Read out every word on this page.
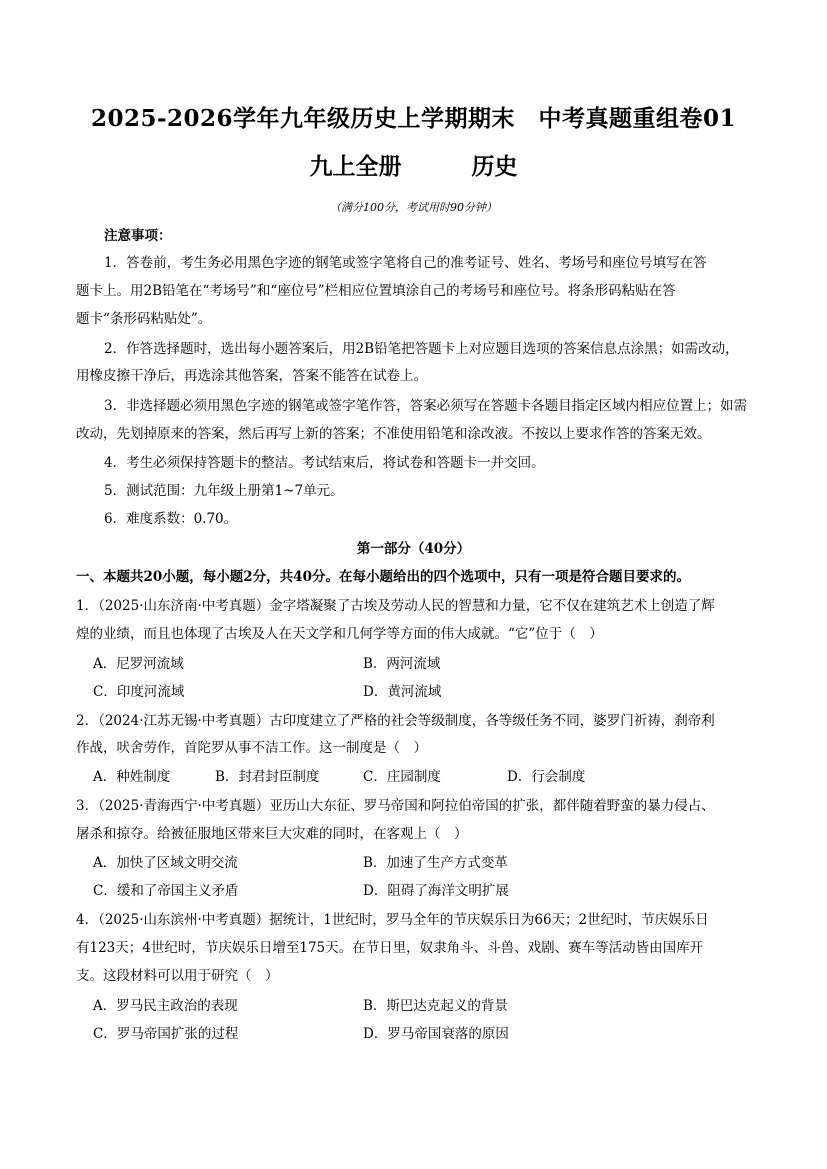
2025-2026学年九年级历史上学期期末　中考真题重组卷01
九上全册	历史
（满分100分，考试用时90分钟）
注意事项：
1．答卷前，考生务必用黑色字迹的钢笔或签字笔将自己的准考证号、姓名、考场号和座位号填写在答
题卡上。用2B铅笔在“考场号”和“座位号”栏相应位置填涂自己的考场号和座位号。将条形码粘贴在答
题卡“条形码粘贴处”。
2．作答选择题时，选出每小题答案后，用2B铅笔把答题卡上对应题目选项的答案信息点涂黑；如需改动，
用橡皮擦干净后，再选涂其他答案，答案不能答在试卷上。
3．非选择题必须用黑色字迹的钢笔或签字笔作答，答案必须写在答题卡各题目指定区域内相应位置上；如需
改动，先划掉原来的答案，然后再写上新的答案；不准使用铅笔和涂改液。不按以上要求作答的答案无效。
4．考生必须保持答题卡的整洁。考试结束后，将试卷和答题卡一并交回。
5．测试范围：九年级上册第1~7单元。
6．难度系数：0.70。
第一部分（40分）
一、本题共20小题，每小题2分，共40分。在每小题给出的四个选项中，只有一项是符合题目要求的。
1．（2025·山东济南·中考真题）金字塔凝聚了古埃及劳动人民的智慧和力量，它不仅在建筑艺术上创造了辉
煌的业绩，而且也体现了古埃及人在天文学和几何学等方面的伟大成就。“它”位于（　）
A．尼罗河流域	B．两河流域
C．印度河流域	D．黄河流域
2．（2024·江苏无锡·中考真题）古印度建立了严格的社会等级制度，各等级任务不同，婆罗门祈祷，刹帝利
作战，吠舍劳作，首陀罗从事不洁工作。这一制度是（　）
A．种姓制度	B．封君封臣制度	C．庄园制度	D．行会制度
3．（2025·青海西宁·中考真题）亚历山大东征、罗马帝国和阿拉伯帝国的扩张，都伴随着野蛮的暴力侵占、
屠杀和掠夺。给被征服地区带来巨大灾难的同时，在客观上（　）
A．加快了区域文明交流	B．加速了生产方式变革
C．缓和了帝国主义矛盾	D．阻碍了海洋文明扩展
4．（2025·山东滨州·中考真题）据统计，1世纪时，罗马全年的节庆娱乐日为66天；2世纪时，节庆娱乐日
有123天；4世纪时，节庆娱乐日增至175天。在节日里，奴隶角斗、斗兽、戏剧、赛车等活动皆由国库开
支。这段材料可以用于研究（　）
A．罗马民主政治的表现	B．斯巴达克起义的背景
C．罗马帝国扩张的过程	D．罗马帝国衰落的原因
